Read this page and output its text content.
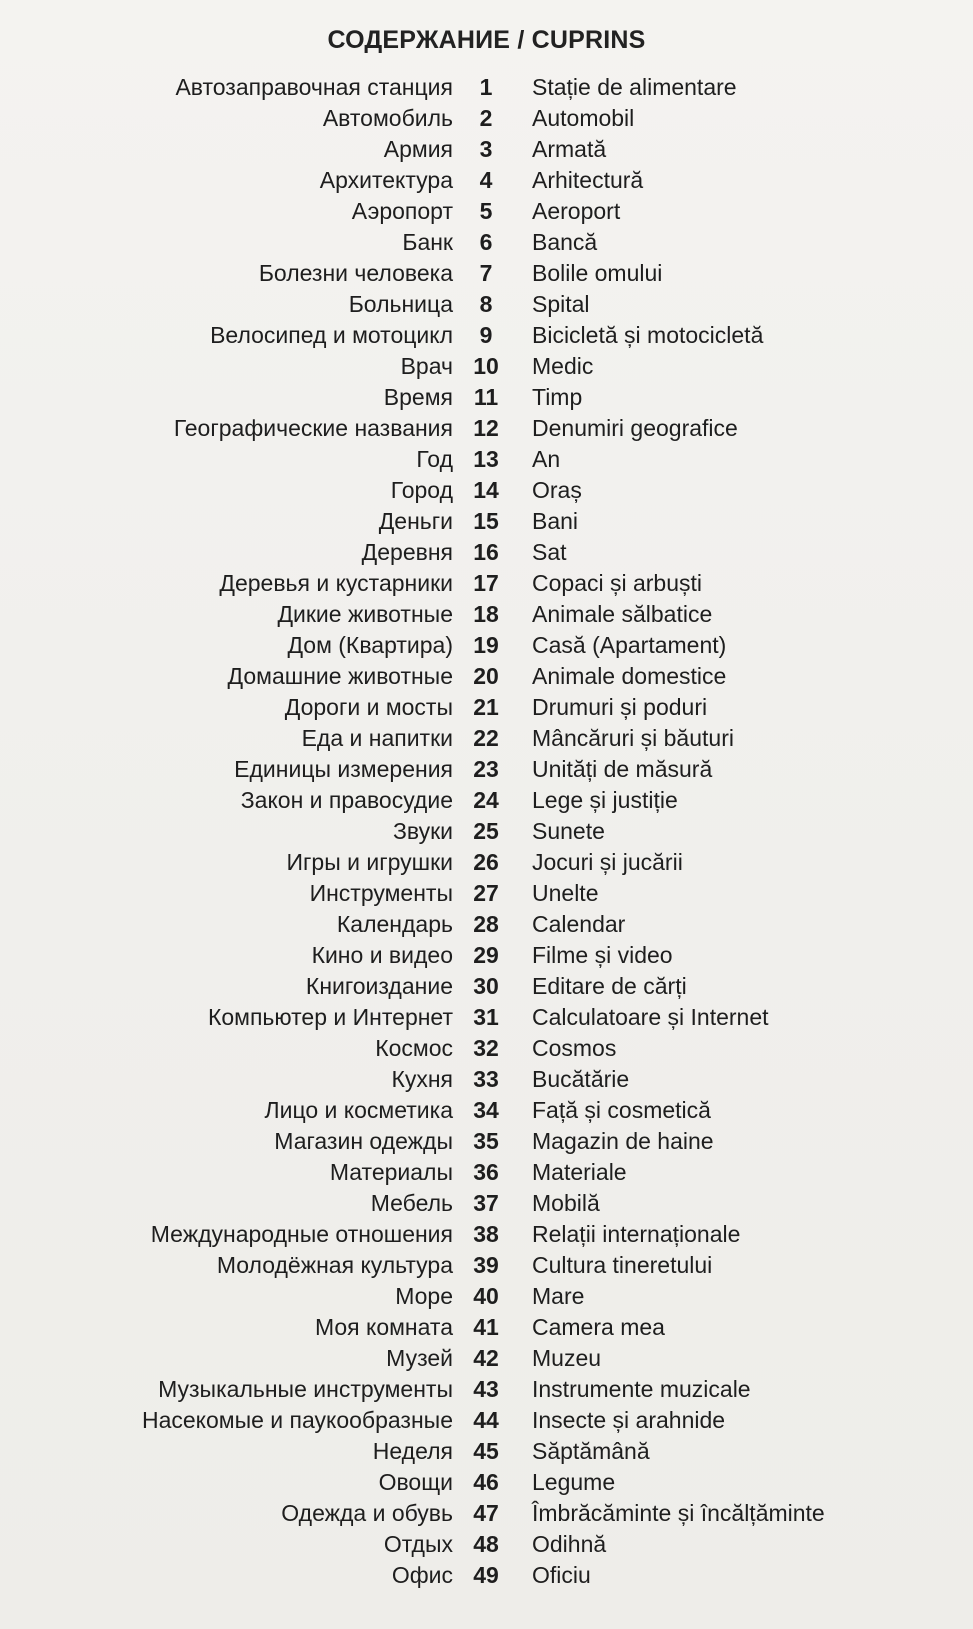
СОДЕРЖАНИЕ / CUPRINS
Автозаправочная станция	1	Stație de alimentare
Автомобиль	2	Automobil
Армия	3	Armată
Архитектура	4	Arhitectură
Аэропорт	5	Aeroport
Банк	6	Bancă
Болезни человека	7	Bolile omului
Больница	8	Spital
Велосипед и мотоцикл	9	Bicicletă și motocicletă
Врач 10	Medic
Время 11	Timp
Географические названия 12	Denumiri geografice
Год 13	An
Город 14	Oraș
Деньги 15	Bani
Деревня 16	Sat
Деревья и кустарники 17	Copaci și arbuști
Дикие животные 18	Animale sălbatice
Дом (Квартира) 19	Casă (Apartament)
Домашние животные 20	Animale domestice
Дороги и мосты 21	Drumuri și poduri
Еда и напитки 22	Mâncăruri și băuturi
Единицы измерения 23	Unități de măsură
Закон и правосудие 24	Lege și justiție
Звуки 25	Sunete
Игры и игрушки 26	Jocuri și jucării
Инструменты 27	Unelte
Календарь 28	Calendar
Кино и видео 29	Filme și video
Книгоиздание 30	Editare de cărți
Компьютер и Интернет 31	Calculatoare și Internet
Космос 32	Cosmos
Кухня 33	Bucătărie
Лицо и косметика 34	Față și cosmetică
Магазин одежды 35	Magazin de haine
Материалы 36	Materiale
Мебель 37	Mobilă
Международные отношения 38	Relații internaționale
Молодёжная культура 39	Cultura tineretului
Море 40	Mare
Моя комната 41	Camera mea
Музей 42	Muzeu
Музыкальные инструменты 43	Instrumente muzicale
Насекомые и паукообразные 44	Insecte și arahnide
Неделя 45	Săptămână
Овощи 46	Legume
Одежда и обувь 47	Îmbrăcăminte și încălțăminte
Отдых 48	Odihnă
Офис 49	Oficiu
